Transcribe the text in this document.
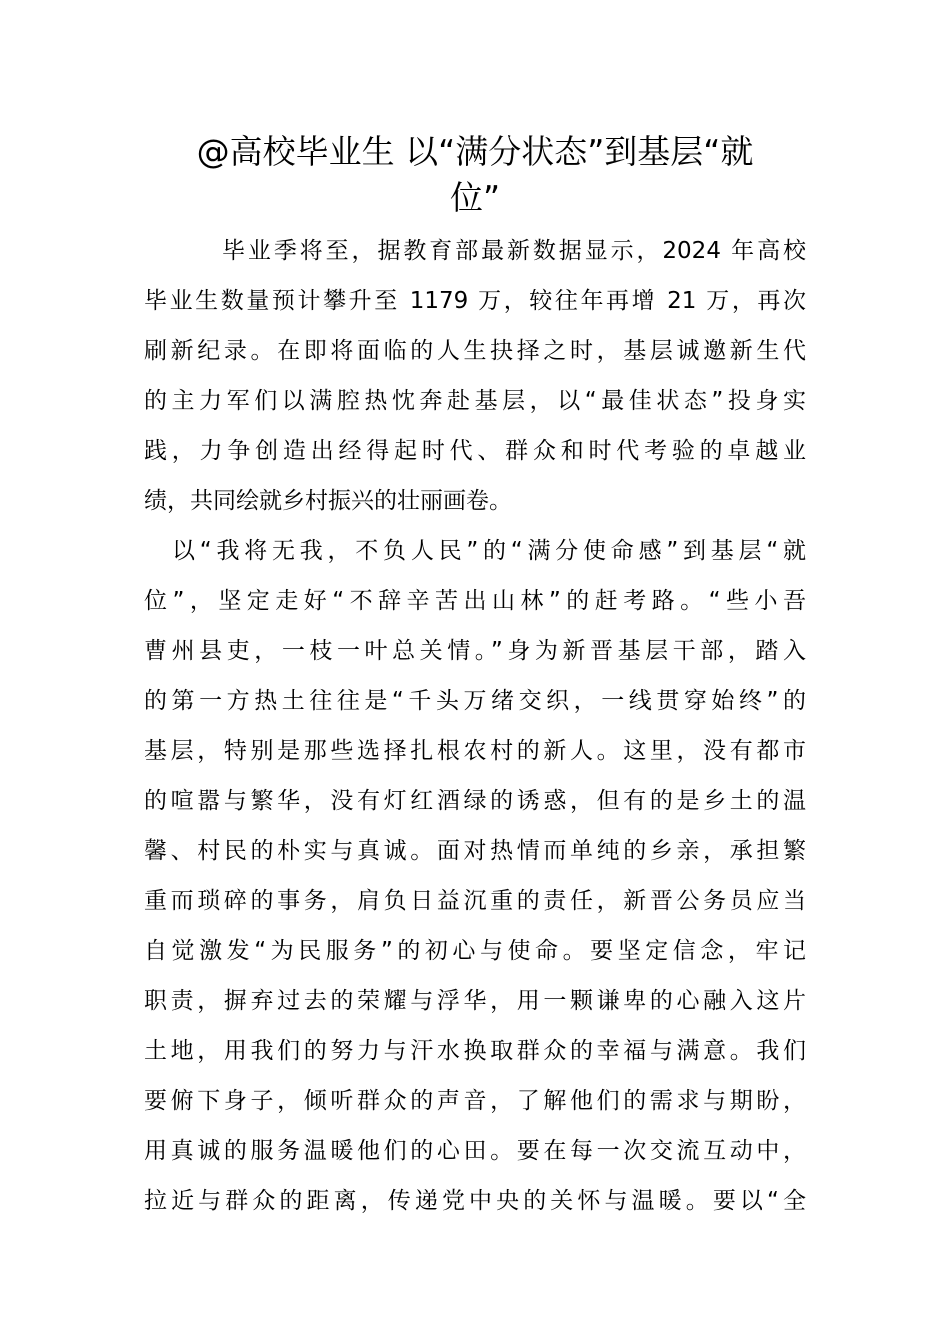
@高校毕业生 以“满分状态”到基层“就
位”
毕业季将至，据教育部最新数据显示，2024 年高校
毕业生数量预计攀升至 1179 万，较往年再增 21 万，再次
刷新纪录。在即将面临的人生抉择之时，基层诚邀新生代
的主力军们以满腔热忱奔赴基层，以“最佳状态”投身实
践，力争创造出经得起时代、群众和时代考验的卓越业
绩，共同绘就乡村振兴的壮丽画卷。
以“我将无我，不负人民”的“满分使命感”到基层“就
位”，坚定走好“不辞辛苦出山林”的赶考路。“些小吾
曹州县吏，一枝一叶总关情。”身为新晋基层干部，踏入
的第一方热土往往是“千头万绪交织，一线贯穿始终”的
基层，特别是那些选择扎根农村的新人。这里，没有都市
的喧嚣与繁华，没有灯红酒绿的诱惑，但有的是乡土的温
馨、村民的朴实与真诚。面对热情而单纯的乡亲，承担繁
重而琐碎的事务，肩负日益沉重的责任，新晋公务员应当
自觉激发“为民服务”的初心与使命。要坚定信念，牢记
职责，摒弃过去的荣耀与浮华，用一颗谦卑的心融入这片
土地，用我们的努力与汗水换取群众的幸福与满意。我们
要俯下身子，倾听群众的声音，了解他们的需求与期盼，
用真诚的服务温暖他们的心田。要在每一次交流互动中，
拉近与群众的距离，传递党中央的关怀与温暖。要以“全
